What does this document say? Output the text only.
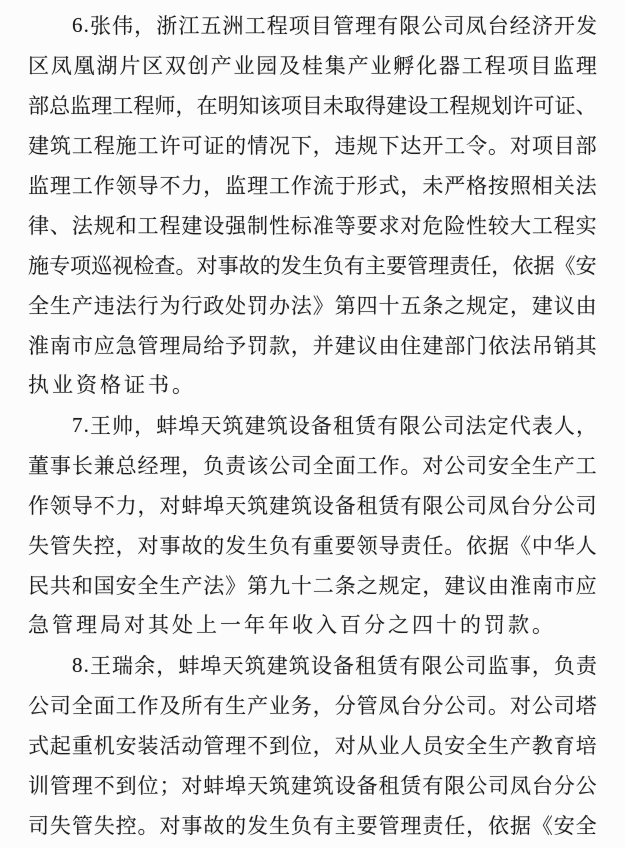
6 . 张 伟 ， 浙 江 五 洲 工 程 项 目 管 理 有 限 公 司 凤 台 经 济 开 发
区 凤 凰 湖 片 区 双 创 产 业 园 及 桂 集 产 业 孵 化 器 工 程 项 目 监 理
部 总 监 理 工 程 师 ， 在 明 知 该 项 目 未 取 得 建 设 工 程 规 划 许 可 证 、
建 筑 工 程 施 工 许 可 证 的 情 况 下 ， 违 规 下 达 开 工 令 。 对 项 目 部
监 理 工 作 领 导 不 力 ， 监 理 工 作 流 于 形 式 ， 未 严 格 按 照 相 关 法
律 、 法 规 和 工 程 建 设 强 制 性 标 准 等 要 求 对 危 险 性 较 大 工 程 实
施 专 项 巡 视 检 查 。 对 事 故 的 发 生 负 有 主 要 管 理 责 任 ， 依 据 《 安
全 生 产 违 法 行 为 行 政 处 罚 办 法 》 第 四 十 五 条 之 规 定 ， 建 议 由
淮 南 市 应 急 管 理 局 给 予 罚 款 ， 并 建 议 由 住 建 部 门 依 法 吊 销 其
执业资格证书。
7 . 王 帅 ， 蚌 埠 天 筑 建 筑 设 备 租 赁 有 限 公 司 法 定 代 表 人 ，
董 事 长 兼 总 经 理 ， 负 责 该 公 司 全 面 工 作 。 对 公 司 安 全 生 产 工
作 领 导 不 力 ， 对 蚌 埠 天 筑 建 筑 设 备 租 赁 有 限 公 司 凤 台 分 公 司
失 管 失 控 ， 对 事 故 的 发 生 负 有 重 要 领 导 责 任 。 依 据 《 中 华 人
民 共 和 国 安 全 生 产 法 》 第 九 十 二 条 之 规 定 ， 建 议 由 淮 南 市 应
急管理局对其处上一年年收入百分之四十的罚款。
8 . 王 瑞 余 ， 蚌 埠 天 筑 建 筑 设 备 租 赁 有 限 公 司 监 事 ， 负 责
公 司 全 面 工 作 及 所 有 生 产 业 务 ， 分 管 凤 台 分 公 司 。 对 公 司 塔
式 起 重 机 安 装 活 动 管 理 不 到 位 ， 对 从 业 人 员 安 全 生 产 教 育 培
训 管 理 不 到 位 ； 对 蚌 埠 天 筑 建 筑 设 备 租 赁 有 限 公 司 凤 台 分 公
司 失 管 失 控 。 对 事 故 的 发 生 负 有 主 要 管 理 责 任 ， 依 据 《 安 全
